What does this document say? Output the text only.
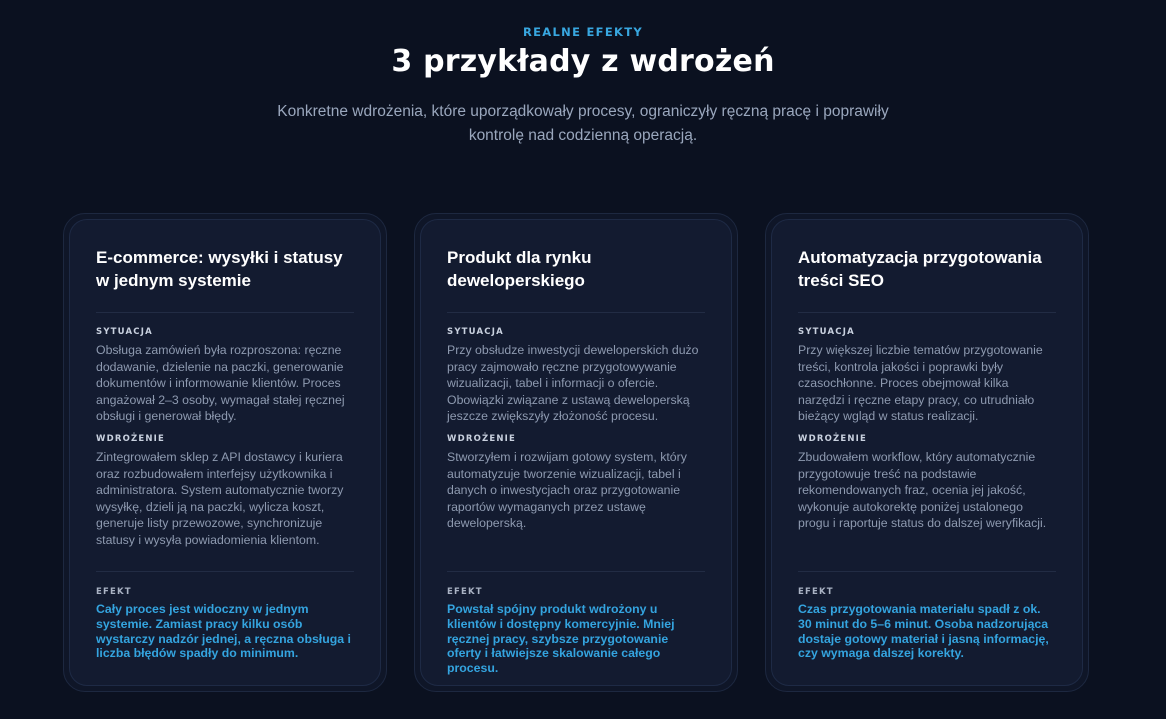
REALNE EFEKTY
3 przykłady z wdrożeń

Konkretne wdrożenia, które uporządkowały procesy, ograniczyły ręczną pracę i poprawiły kontrolę nad codzienną operacją.

E-commerce: wysyłki i statusy w jednym systemie
SYTUACJA

Obsługa zamówień była rozproszona: ręczne dodawanie, dzielenie na paczki, generowanie dokumentów i informowanie klientów. Proces angażował 2–3 osoby, wymagał stałej ręcznej obsługi i generował błędy.

WDROŻENIE

Zintegrowałem sklep z API dostawcy i kuriera oraz rozbudowałem interfejsy użytkownika i administratora. System automatycznie tworzy wysyłkę, dzieli ją na paczki, wylicza koszt, generuje listy przewozowe, synchronizuje statusy i wysyła powiadomienia klientom.

EFEKT

Cały proces jest widoczny w jednym systemie. Zamiast pracy kilku osób wystarczy nadzór jednej, a ręczna obsługa i liczba błędów spadły do minimum.

Produkt dla rynku deweloperskiego
SYTUACJA

Przy obsłudze inwestycji deweloperskich dużo pracy zajmowało ręczne przygotowywanie wizualizacji, tabel i informacji o ofercie. Obowiązki związane z ustawą deweloperską jeszcze zwiększyły złożoność procesu.

WDROŻENIE

Stworzyłem i rozwijam gotowy system, który automatyzuje tworzenie wizualizacji, tabel i danych o inwestycjach oraz przygotowanie raportów wymaganych przez ustawę deweloperską.

EFEKT

Powstał spójny produkt wdrożony u klientów i dostępny komercyjnie. Mniej ręcznej pracy, szybsze przygotowanie oferty i łatwiejsze skalowanie całego procesu.

Automatyzacja przygotowania treści SEO
SYTUACJA

Przy większej liczbie tematów przygotowanie treści, kontrola jakości i poprawki były czasochłonne. Proces obejmował kilka narzędzi i ręczne etapy pracy, co utrudniało bieżący wgląd w status realizacji.

WDROŻENIE

Zbudowałem workflow, który automatycznie przygotowuje treść na podstawie rekomendowanych fraz, ocenia jej jakość, wykonuje autokorektę poniżej ustalonego progu i raportuje status do dalszej weryfikacji.

EFEKT

Czas przygotowania materiału spadł z ok. 30 minut do 5–6 minut. Osoba nadzorująca dostaje gotowy materiał i jasną informację, czy wymaga dalszej korekty.
